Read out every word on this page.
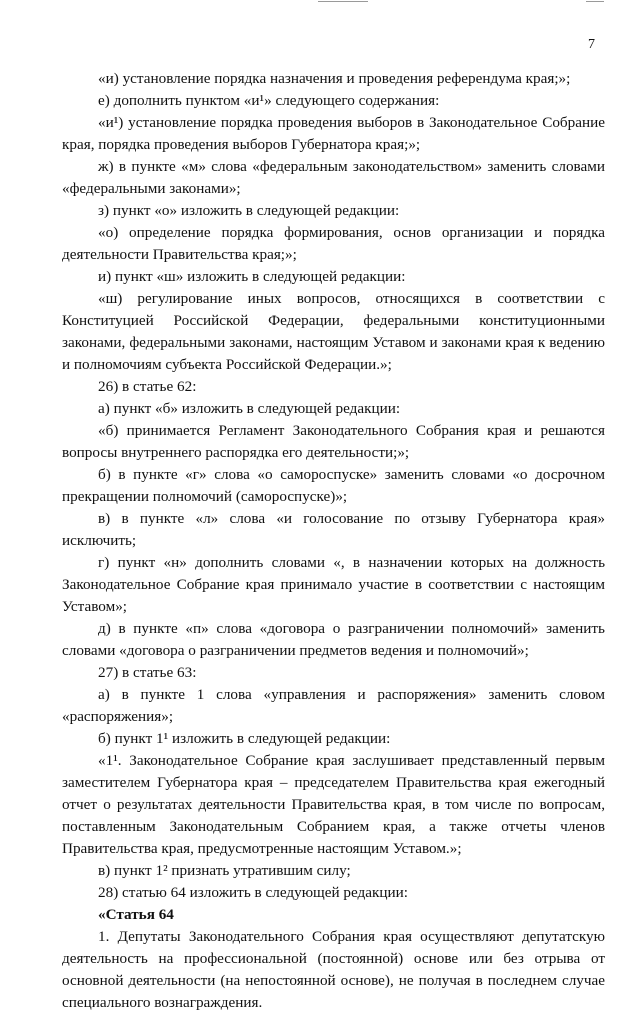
7
«и) установление порядка назначения и проведения референдума края;»;
е) дополнить пунктом «и¹» следующего содержания:
«и¹) установление порядка проведения выборов в Законодательное Собрание
края, порядка проведения выборов Губернатора края;»;
ж) в пункте «м» слова «федеральным законодательством» заменить словами
«федеральными законами»;
з) пункт «о» изложить в следующей редакции:
«о) определение порядка формирования, основ организации и порядка
деятельности Правительства края;»;
и) пункт «ш» изложить в следующей редакции:
«ш) регулирование иных вопросов, относящихся в соответствии с
Конституцией Российской Федерации, федеральными конституционными
законами, федеральными законами, настоящим Уставом и законами края к ведению
и полномочиям субъекта Российской Федерации.»;
26) в статье 62:
а) пункт «б» изложить в следующей редакции:
«б) принимается Регламент Законодательного Собрания края и решаются
вопросы внутреннего распорядка его деятельности;»;
б) в пункте «г» слова «о самороспуске» заменить словами «о досрочном
прекращении полномочий (самороспуске)»;
в) в пункте «л» слова «и голосование по отзыву Губернатора края»
исключить;
г) пункт «н» дополнить словами «, в назначении которых на должность
Законодательное Собрание края принимало участие в соответствии с настоящим
Уставом»;
д) в пункте «п» слова «договора о разграничении полномочий» заменить
словами «договора о разграничении предметов ведения и полномочий»;
27) в статье 63:
а) в пункте 1 слова «управления и распоряжения» заменить словом
«распоряжения»;
б) пункт 1¹ изложить в следующей редакции:
«1¹. Законодательное Собрание края заслушивает представленный первым
заместителем Губернатора края – председателем Правительства края ежегодный
отчет о результатах деятельности Правительства края, в том числе по вопросам,
поставленным Законодательным Собранием края, а также отчеты членов
Правительства края, предусмотренные настоящим Уставом.»;
в) пункт 1² признать утратившим силу;
28) статью 64 изложить в следующей редакции:
«Статья 64
1. Депутаты Законодательного Собрания края осуществляют депутатскую
деятельность на профессиональной (постоянной) основе или без отрыва от
основной деятельности (на непостоянной основе), не получая в последнем случае
специального вознаграждения.
